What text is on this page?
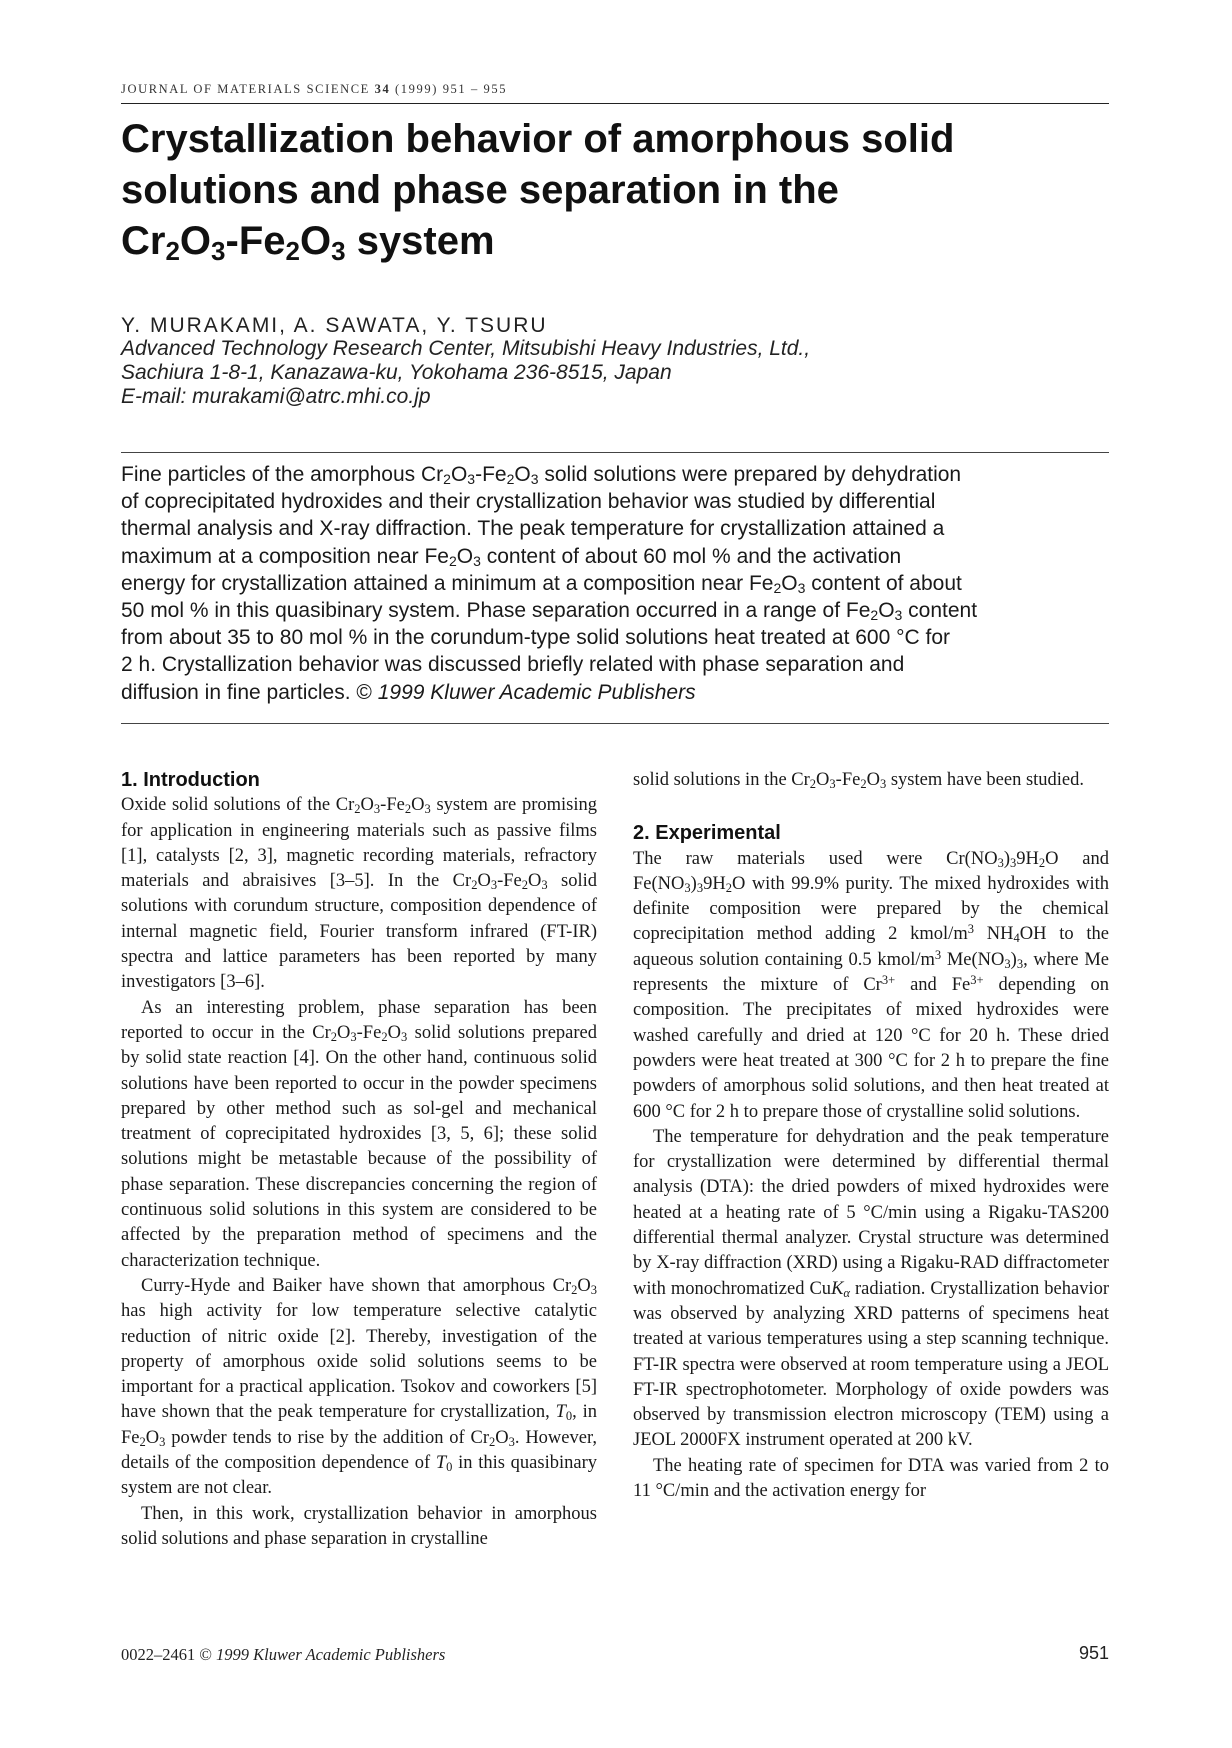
JOURNAL OF MATERIALS SCIENCE 34 (1999) 951 – 955
Crystallization behavior of amorphous solid
solutions and phase separation in the
$Cr_2O_3-Fe_2O_3$ system
Y. MURAKAMI, A. SAWATA, Y. TSURU
Advanced Technology Research Center, Mitsubishi Heavy Industries, Ltd.,
Sachiura 1-8-1, Kanazawa-ku, Yokohama 236-8515, Japan
E-mail: murakami@atrc.mhi.co.jp
Fine particles of the amorphous $Cr_2O_3-Fe_2O_3$ solid solutions were prepared by dehydration
of coprecipitated hydroxides and their crystallization behavior was studied by differential
thermal analysis and X-ray diffraction. The peak temperature for crystallization attained a
maximum at a composition near $Fe_2O_3$ content of about 60 mol % and the activation
energy for crystallization attained a minimum at a composition near $Fe_2O_3$ content of about
50 mol % in this quasibinary system. Phase separation occurred in a range of $Fe_2O_3$ content
from about 35 to 80 mol % in the corundum-type solid solutions heat treated at 600 °C for
2 h. Crystallization behavior was discussed briefly related with phase separation and
diffusion in fine particles. © 1999 Kluwer Academic Publishers
1. Introduction

Oxide solid solutions of the $Cr_2O_3-Fe_2O_3$ system are promising for application in engineering materials such as passive films [1], catalysts [2, 3], magnetic recording materials, refractory materials and abraisives [3–5]. In the $Cr_2O_3-Fe_2O_3$ solid solutions with corundum structure, composition dependence of internal magnetic field, Fourier transform infrared (FT-IR) spectra and lattice parameters has been reported by many investigators [3–6].

As an interesting problem, phase separation has been reported to occur in the $Cr_2O_3-Fe_2O_3$ solid solutions prepared by solid state reaction [4]. On the other hand, continuous solid solutions have been reported to occur in the powder specimens prepared by other method such as sol-gel and mechanical treatment of coprecipitated hydroxides [3, 5, 6]; these solid solutions might be metastable because of the possibility of phase separation. These discrepancies concerning the region of continuous solid solutions in this system are considered to be affected by the preparation method of specimens and the characterization technique.

Curry-Hyde and Baiker have shown that amorphous $Cr_2O_3$ has high activity for low temperature selective catalytic reduction of nitric oxide [2]. Thereby, investigation of the property of amorphous oxide solid solutions seems to be important for a practical application. Tsokov and coworkers [5] have shown that the peak temperature for crystallization, $T_0$, in $Fe_2O_3$ powder tends to rise by the addition of $Cr_2O_3$. However, details of the composition dependence of $T_0$ in this quasibinary system are not clear.

Then, in this work, crystallization behavior in amorphous solid solutions and phase separation in crystalline

solid solutions in the $Cr_2O_3-Fe_2O_3$ system have been studied.

2. Experimental

The raw materials used were $Cr(NO_3)_39H_2O$ and $Fe(NO_3)_39H_2O$ with 99.9% purity. The mixed hydroxides with definite composition were prepared by the chemical coprecipitation method adding 2 kmol/$m^3$ $NH_4OH$ to the aqueous solution containing 0.5 kmol/$m^3$ $Me(NO_3)_3$, where Me represents the mixture of $Cr^{3+}$ and $Fe^{3+}$ depending on composition. The precipitates of mixed hydroxides were washed carefully and dried at 120 °C for 20 h. These dried powders were heat treated at 300 °C for 2 h to prepare the fine powders of amorphous solid solutions, and then heat treated at 600 °C for 2 h to prepare those of crystalline solid solutions.

The temperature for dehydration and the peak temperature for crystallization were determined by differential thermal analysis (DTA): the dried powders of mixed hydroxides were heated at a heating rate of 5 °C/min using a Rigaku-TAS200 differential thermal analyzer. Crystal structure was determined by X-ray diffraction (XRD) using a Rigaku-RAD diffractometer with monochromatized CuK$_\alpha$ radiation. Crystallization behavior was observed by analyzing XRD patterns of specimens heat treated at various temperatures using a step scanning technique. FT-IR spectra were observed at room temperature using a JEOL FT-IR spectrophotometer. Morphology of oxide powders was observed by transmission electron microscopy (TEM) using a JEOL 2000FX instrument operated at 200 kV.

The heating rate of specimen for DTA was varied from 2 to 11 °C/min and the activation energy for

0022–2461 © 1999 Kluwer Academic Publishers	951
